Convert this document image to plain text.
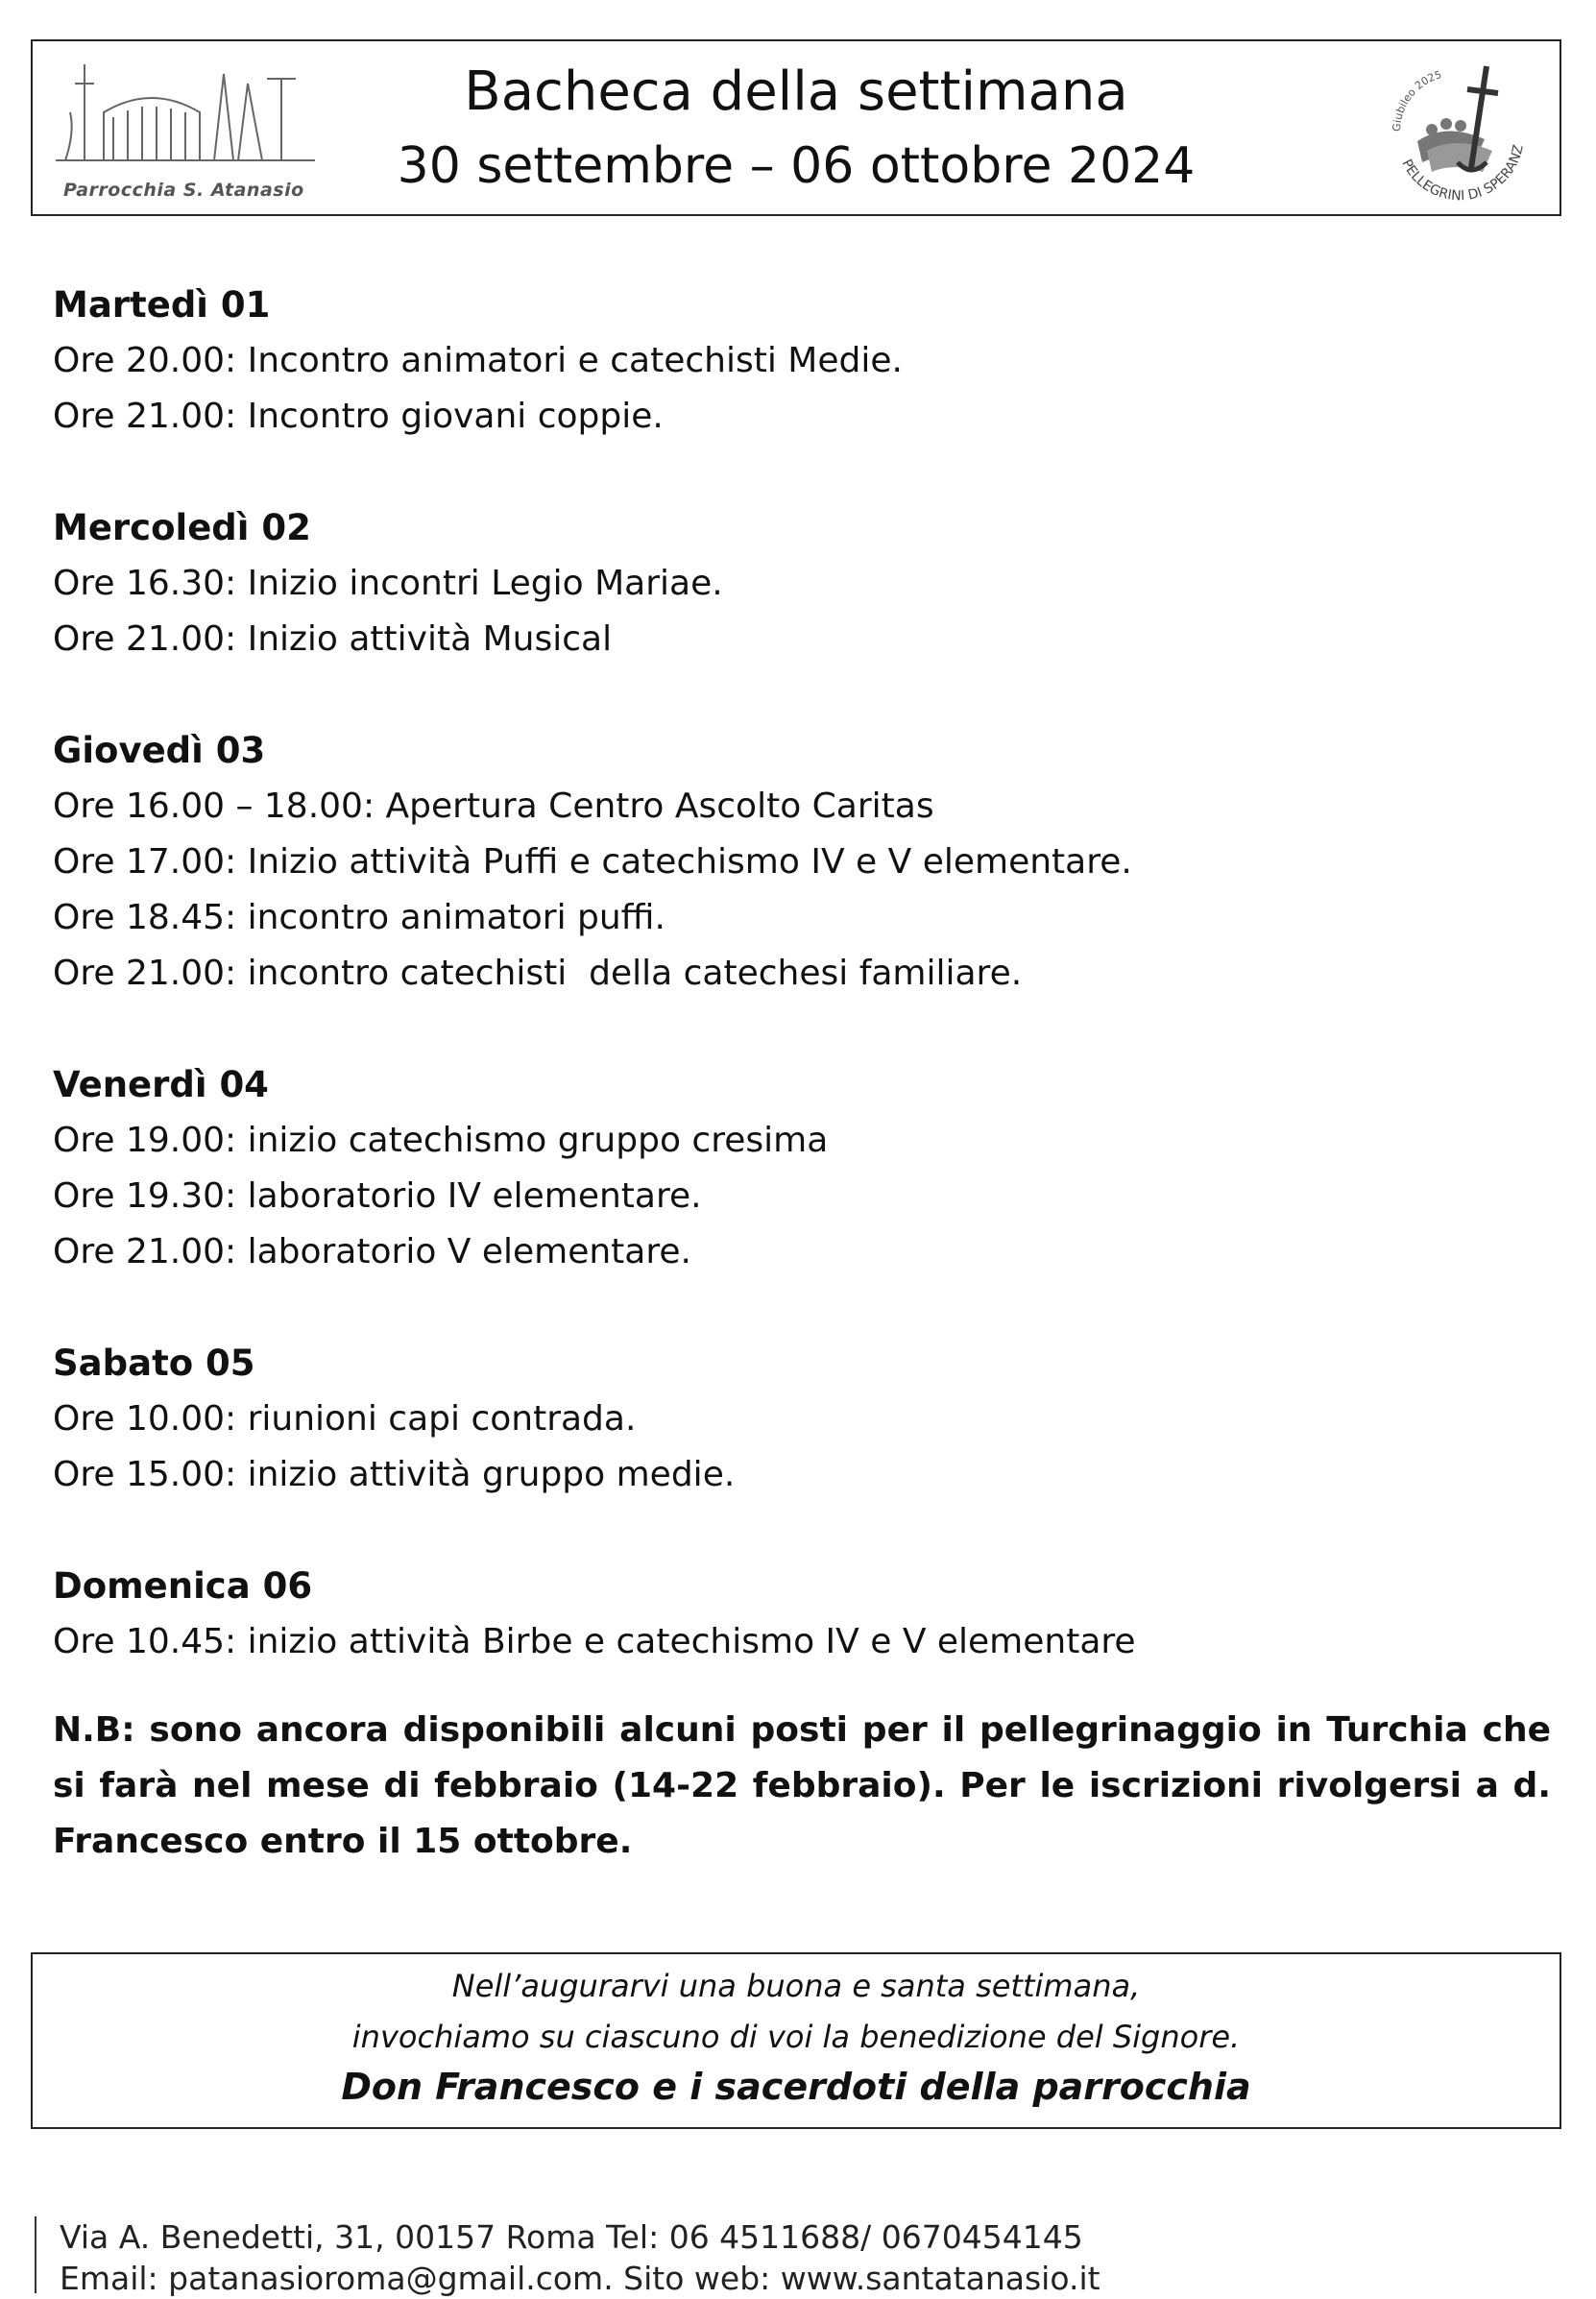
Parrocchia S. Atanasio
Bacheca della settimana
30 settembre – 06 ottobre 2024
Giubileo 2025
PELLEGRINI DI SPERANZ
Martedì 01
Ore 20.00: Incontro animatori e catechisti Medie.
Ore 21.00: Incontro giovani coppie.
Mercoledì 02
Ore 16.30: Inizio incontri Legio Mariae.
Ore 21.00: Inizio attività Musical
Giovedì 03
Ore 16.00 – 18.00: Apertura Centro Ascolto Caritas
Ore 17.00: Inizio attività Puffi e catechismo IV e V elementare.
Ore 18.45: incontro animatori puffi.
Ore 21.00: incontro catechisti  della catechesi familiare.
Venerdì 04
Ore 19.00: inizio catechismo gruppo cresima
Ore 19.30: laboratorio IV elementare.
Ore 21.00: laboratorio V elementare.
Sabato 05
Ore 10.00: riunioni capi contrada.
Ore 15.00: inizio attività gruppo medie.
Domenica 06
Ore 10.45: inizio attività Birbe e catechismo IV e V elementare
N.B: sono ancora disponibili alcuni posti per il pellegrinaggio in Turchia che si farà nel mese di febbraio (14-22 febbraio). Per le iscrizioni rivolgersi a d. Francesco entro il 15 ottobre.
Nell’augurarvi una buona e santa settimana,
invochiamo su ciascuno di voi la benedizione del Signore.
Don Francesco e i sacerdoti della parrocchia
Via A. Benedetti, 31, 00157 Roma Tel: 06 4511688/ 0670454145
Email: patanasioroma@gmail.com. Sito web: www.santatanasio.it
